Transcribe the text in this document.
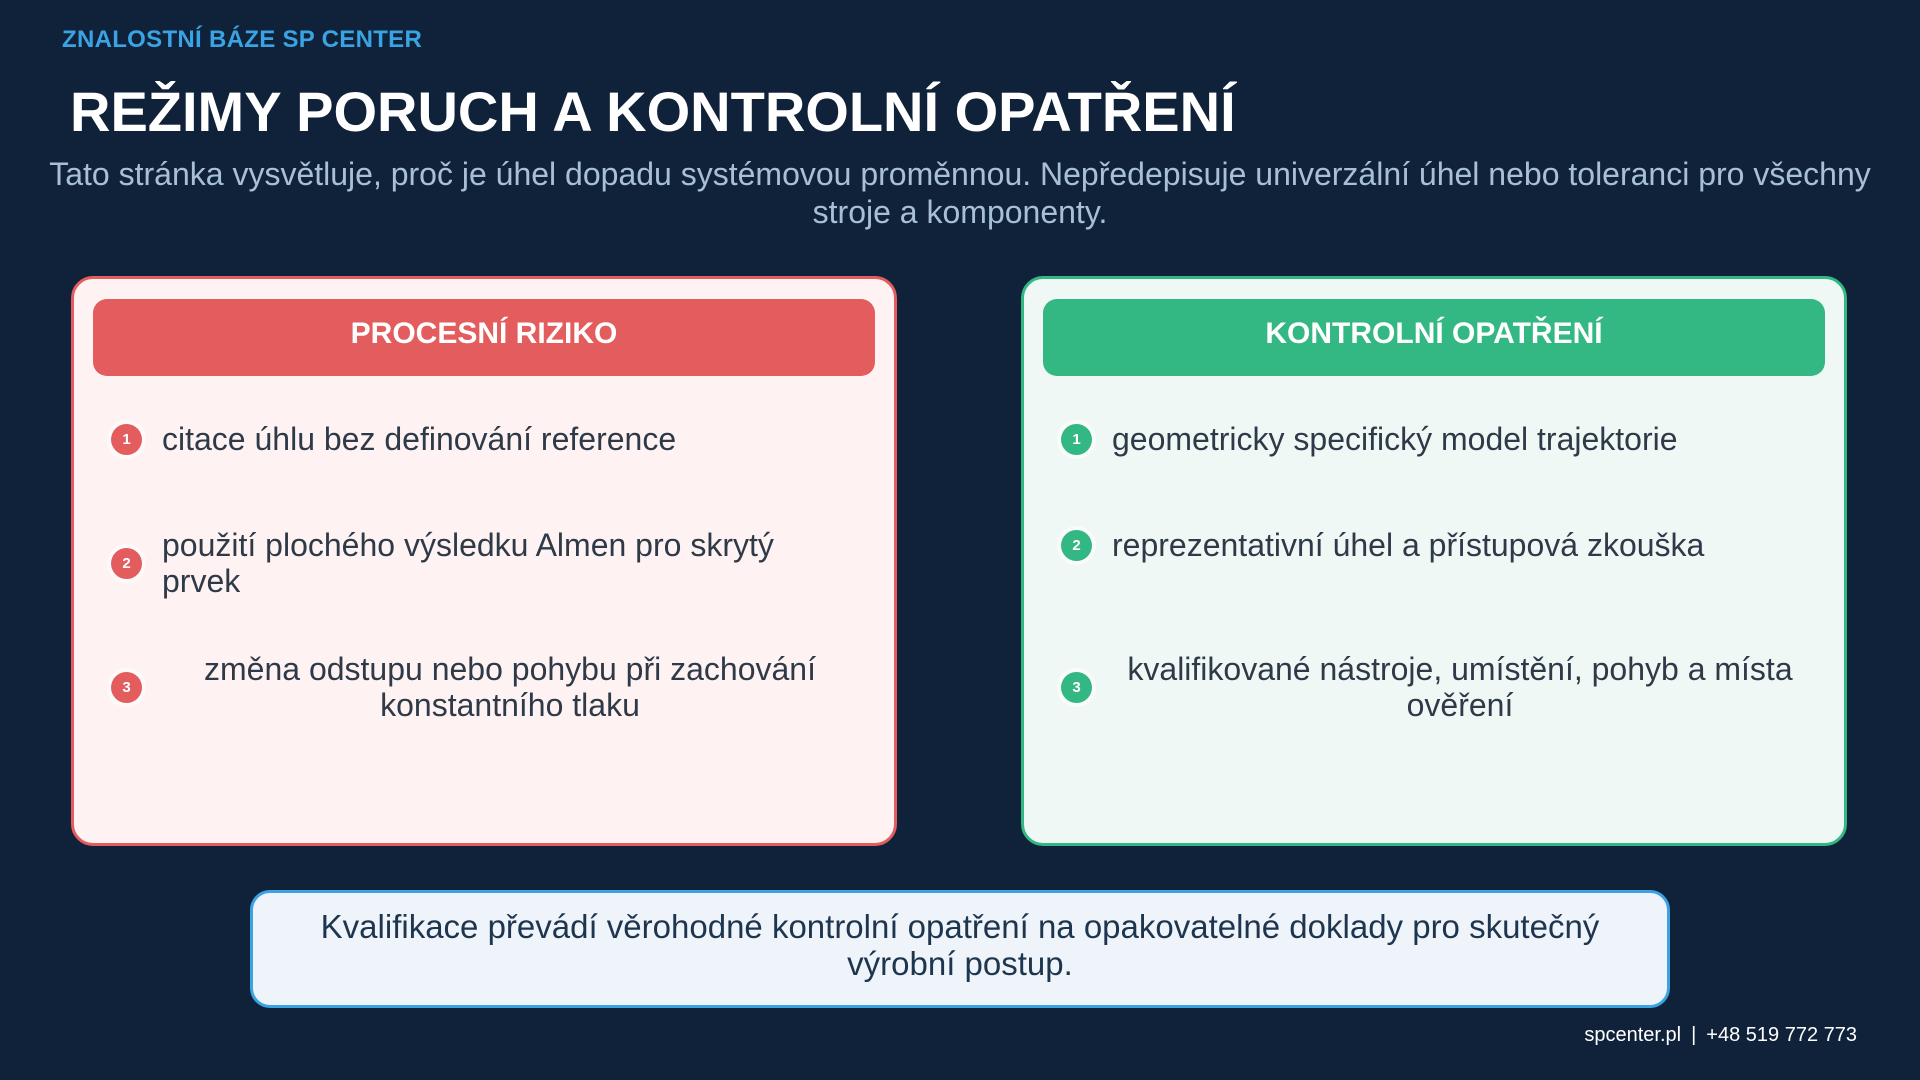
ZNALOSTNÍ BÁZE SP CENTER
REŽIMY PORUCH A KONTROLNÍ OPATŘENÍ
Tato stránka vysvětluje, proč je úhel dopadu systémovou proměnnou. Nepředepisuje univerzální úhel nebo toleranci pro všechny stroje a komponenty.
PROCESNÍ RIZIKO
1 citace úhlu bez definování reference
2 použití plochého výsledku Almen pro skrytý prvek
3	změna odstupu nebo pohybu při zachování konstantního tlaku
KONTROLNÍ OPATŘENÍ
1 geometricky specifický model trajektorie
2 reprezentativní úhel a přístupová zkouška
3	kvalifikované nástroje, umístění, pohyb a místa ověření
Kvalifikace převádí věrohodné kontrolní opatření na opakovatelné doklady pro skutečný výrobní postup.
spcenter.pl | +48 519 772 773
